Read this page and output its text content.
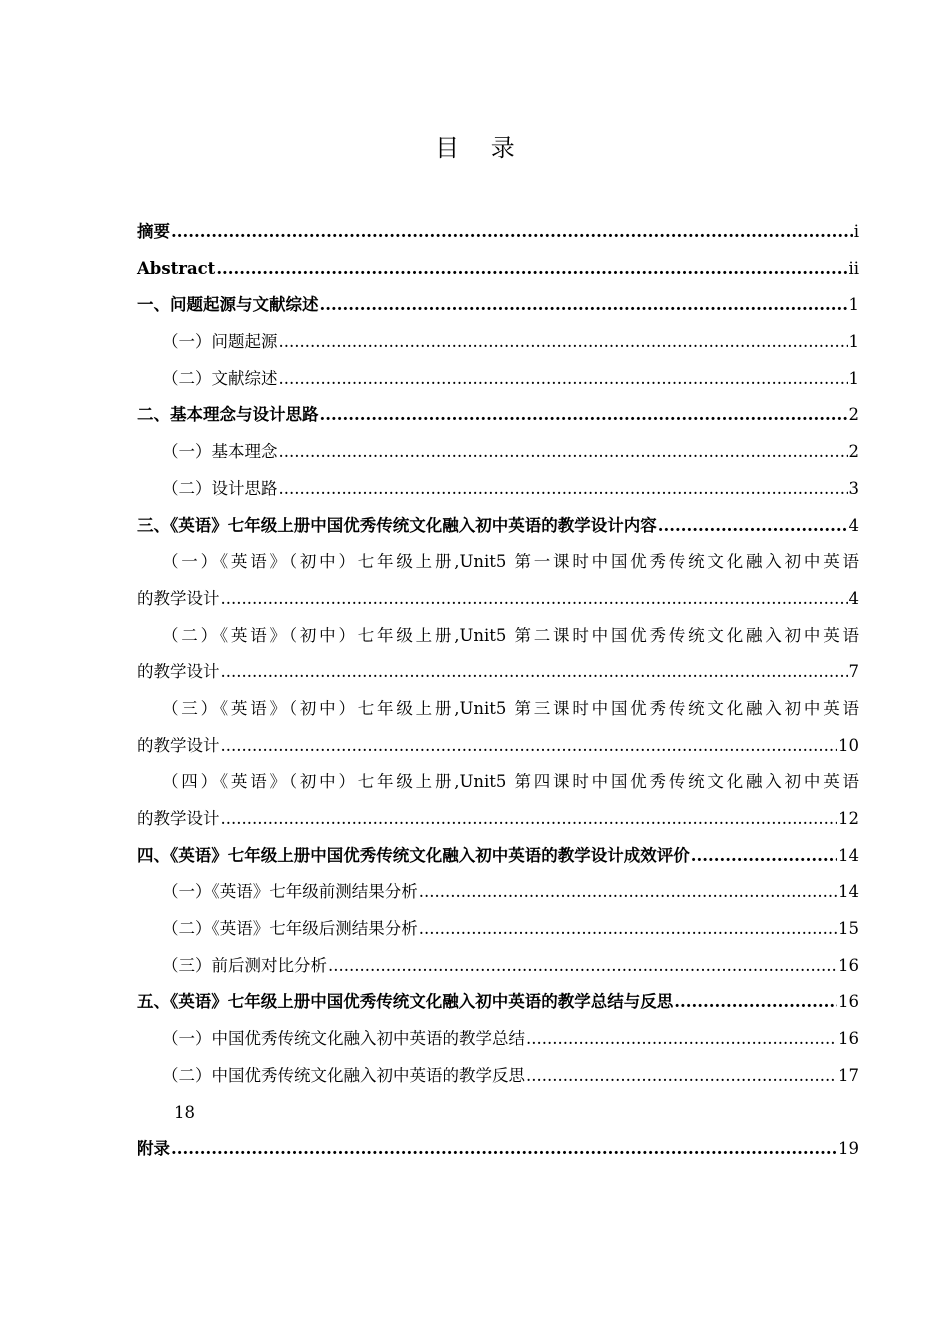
目 录
摘要 .....	i
Abstract .....	ii
一、问题起源与文献综述 .....	1
（一）问题起源 .....	1
（二）文献综述 .....	1
二、基本理念与设计思路 .....	2
（一）基本理念 .....	2
（二）设计思路 .....	3
三、《英语》七年级上册中国优秀传统文化融入初中英语的教学设计内容 .....	4
（一）《英语》（初中）七年级上册,Unit5 第一课时中国优秀传统文化融入初中英语
的教学设计 .....	4
（二）《英语》（初中）七年级上册,Unit5 第二课时中国优秀传统文化融入初中英语
的教学设计 .....	7
（三）《英语》（初中）七年级上册,Unit5 第三课时中国优秀传统文化融入初中英语
的教学设计 .....	10
（四）《英语》（初中）七年级上册,Unit5 第四课时中国优秀传统文化融入初中英语
的教学设计 .....	12
四、《英语》七年级上册中国优秀传统文化融入初中英语的教学设计成效评价 .....	14
（一）《英语》七年级前测结果分析 .....	14
（二）《英语》七年级后测结果分析 .....	15
（三）前后测对比分析 .....	16
五、《英语》七年级上册中国优秀传统文化融入初中英语的教学总结与反思 .....	16
（一）中国优秀传统文化融入初中英语的教学总结 .....	16
（二）中国优秀传统文化融入初中英语的教学反思 .....	17
18
附录 .....	19
